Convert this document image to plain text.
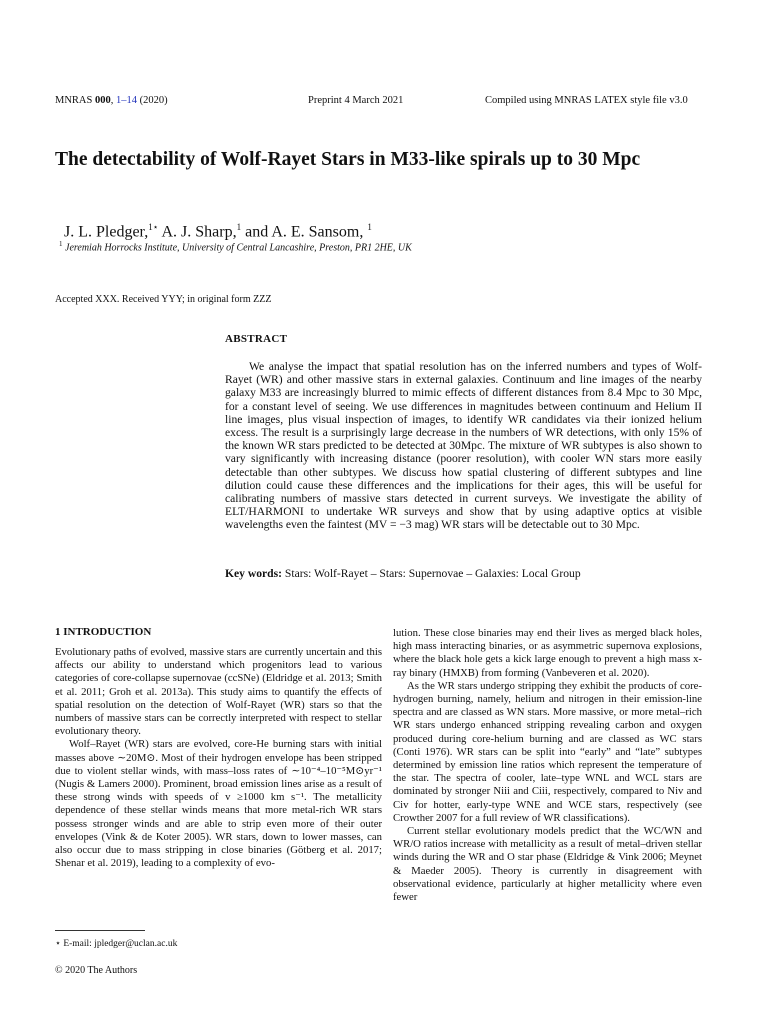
MNRAS 000, 1–14 (2020)	Preprint 4 March 2021	Compiled using MNRAS LATEX style file v3.0
The detectability of Wolf-Rayet Stars in M33-like spirals up to 30 Mpc
J. L. Pledger,$^{1⋆}$ A. J. Sharp,$^1$ and A. E. Sansom, $^1$
$^1$ Jeremiah Horrocks Institute, University of Central Lancashire, Preston, PR1 2HE, UK
Accepted XXX. Received YYY; in original form ZZZ
ABSTRACT
We analyse the impact that spatial resolution has on the inferred numbers and types of Wolf-Rayet (WR) and other massive stars in external galaxies. Continuum and line images of the nearby galaxy M33 are increasingly blurred to mimic effects of different distances from 8.4 Mpc to 30 Mpc, for a constant level of seeing. We use differences in magnitudes between continuum and Helium II line images, plus visual inspection of images, to identify WR candidates via their ionized helium excess. The result is a surprisingly large decrease in the numbers of WR detections, with only 15% of the known WR stars predicted to be detected at 30Mpc. The mixture of WR subtypes is also shown to vary significantly with increasing distance (poorer resolution), with cooler WN stars more easily detectable than other subtypes. We discuss how spatial clustering of different subtypes and line dilution could cause these differences and the implications for their ages, this will be useful for calibrating numbers of massive stars detected in current surveys. We investigate the ability of ELT/HARMONI to undertake WR surveys and show that by using adaptive optics at visible wavelengths even the faintest (MV = −3 mag) WR stars will be detectable out to 30 Mpc.
Key words: Stars: Wolf-Rayet – Stars: Supernovae – Galaxies: Local Group
1 INTRODUCTION

Evolutionary paths of evolved, massive stars are currently uncertain and this affects our ability to understand which progenitors lead to various categories of core-collapse supernovae (ccSNe) (Eldridge et al. 2013; Smith et al. 2011; Groh et al. 2013a). This study aims to quantify the effects of spatial resolution on the detection of Wolf-Rayet (WR) stars so that the numbers of massive stars can be correctly interpreted with respect to stellar evolutionary theory.

Wolf–Rayet (WR) stars are evolved, core-He burning stars with initial masses above ∼20M⊙. Most of their hydrogen envelope has been stripped due to violent stellar winds, with mass–loss rates of ∼10⁻⁴–10⁻⁵M⊙yr⁻¹ (Nugis & Lamers 2000). Prominent, broad emission lines arise as a result of these strong winds with speeds of v ≥1000 km s⁻¹. The metallicity dependence of these stellar winds means that more metal-rich WR stars possess stronger winds and are able to strip even more of their outer envelopes (Vink & de Koter 2005). WR stars, down to lower masses, can also occur due to mass stripping in close binaries (Götberg et al. 2017; Shenar et al. 2019), leading to a complexity of evo-

lution. These close binaries may end their lives as merged black holes, high mass interacting binaries, or as asymmetric supernova explosions, where the black hole gets a kick large enough to prevent a high mass x-ray binary (HMXB) from forming (Vanbeveren et al. 2020).

As the WR stars undergo stripping they exhibit the products of core-hydrogen burning, namely, helium and nitrogen in their emission-line spectra and are classed as WN stars. More massive, or more metal–rich WR stars undergo enhanced stripping revealing carbon and oxygen produced during core-helium burning and are classed as WC stars (Conti 1976). WR stars can be split into “early” and “late” subtypes determined by emission line ratios which represent the temperature of the star. The spectra of cooler, late–type WNL and WCL stars are dominated by stronger Niii and Ciii, respectively, compared to Niv and Civ for hotter, early-type WNE and WCE stars, respectively (see Crowther 2007 for a full review of WR classifications).

Current stellar evolutionary models predict that the WC/WN and WR/O ratios increase with metallicity as a result of metal–driven stellar winds during the WR and O star phase (Eldridge & Vink 2006; Meynet & Maeder 2005). Theory is currently in disagreement with observational evidence, particularly at higher metallicity where even fewer

⋆ E-mail: jpledger@uclan.ac.uk
© 2020 The Authors
